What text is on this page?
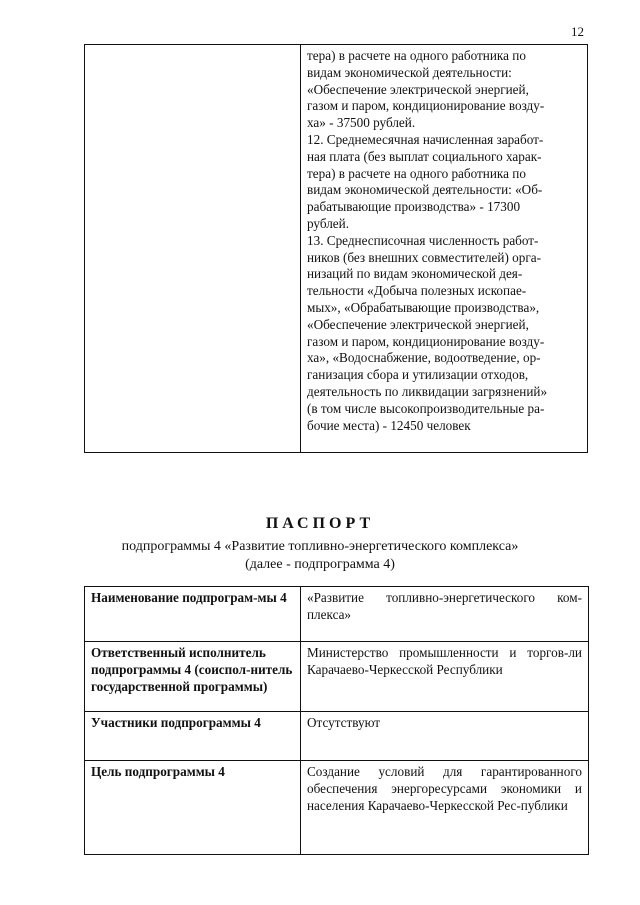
12
тера) в расчете на одного работника по
видам экономической деятельности:
«Обеспечение электрической энергией,
газом и паром, кондиционирование возду-
ха» - 37500 рублей.
12. Среднемесячная начисленная заработ-
ная плата (без выплат социального харак-
тера) в расчете на одного работника по
видам экономической деятельности: «Об-
рабатывающие производства» - 17300
рублей.
13. Среднесписочная численность работ-
ников (без внешних совместителей) орга-
низаций по видам экономической дея-
тельности «Добыча полезных ископае-
мых», «Обрабатывающие производства»,
«Обеспечение электрической энергией,
газом и паром, кондиционирование возду-
ха», «Водоснабжение, водоотведение, ор-
ганизация сбора и утилизации отходов,
деятельность по ликвидации загрязнений»
(в том числе высокопроизводительные ра-
бочие места) - 12450 человек
ПАСПОРТ
подпрограммы 4 «Развитие топливно-энергетического комплекса»
(далее - подпрограмма 4)
Наименование подпрограм-мы 4	«Развитие топливно-энергетического ком-плекса»
Ответственный исполнитель подпрограммы 4 (соиспол-нитель государственной программы)	Министерство промышленности и торгов-ли Карачаево-Черкесской Республики
Участники подпрограммы 4	Отсутствуют
Цель подпрограммы 4	Создание условий для гарантированного обеспечения энергоресурсами экономики и населения Карачаево-Черкесской Рес-публики
